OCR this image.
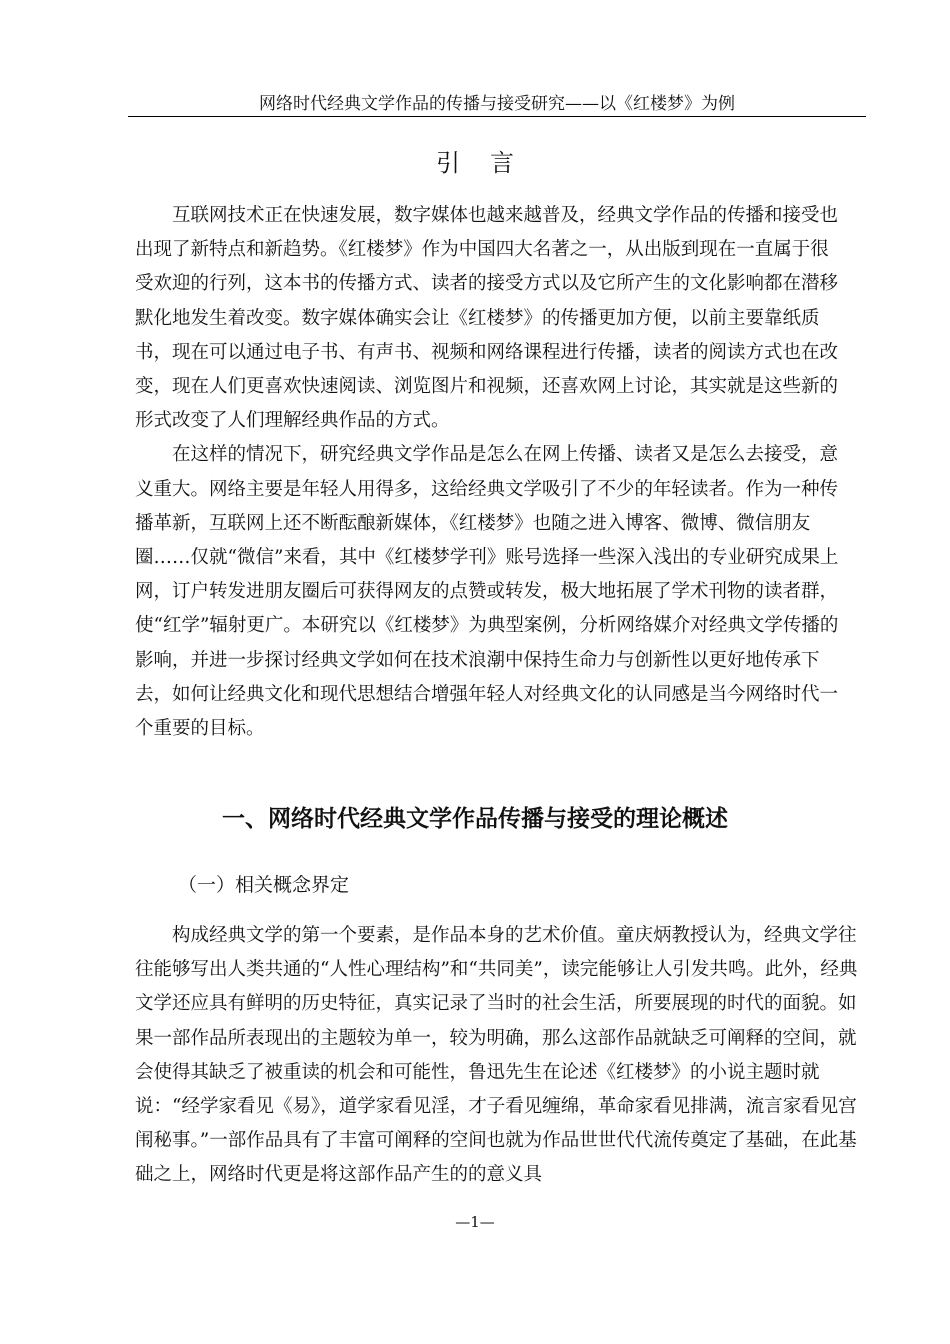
网络时代经典文学作品的传播与接受研究——以《红楼梦》为例
引言

互联网技术正在快速发展，数字媒体也越来越普及，经典文学作品的传播和接受也出现了新特点和新趋势。《红楼梦》作为中国四大名著之一，从出版到现在一直属于很受欢迎的行列，这本书的传播方式、读者的接受方式以及它所产生的文化影响都在潜移默化地发生着改变。数字媒体确实会让《红楼梦》的传播更加方便，以前主要靠纸质书，现在可以通过电子书、有声书、视频和网络课程进行传播，读者的阅读方式也在改变，现在人们更喜欢快速阅读、浏览图片和视频，还喜欢网上讨论，其实就是这些新的形式改变了人们理解经典作品的方式。

在这样的情况下，研究经典文学作品是怎么在网上传播、读者又是怎么去接受，意义重大。网络主要是年轻人用得多，这给经典文学吸引了不少的年轻读者。作为一种传播革新，互联网上还不断酝酿新媒体，《红楼梦》也随之进入博客、微博、微信朋友圈……仅就“微信”来看，其中《红楼梦学刊》账号选择一些深入浅出的专业研究成果上网，订户转发进朋友圈后可获得网友的点赞或转发，极大地拓展了学术刊物的读者群，使“红学”辐射更广。本研究以《红楼梦》为典型案例，分析网络媒介对经典文学传播的影响，并进一步探讨经典文学如何在技术浪潮中保持生命力与创新性以更好地传承下去，如何让经典文化和现代思想结合增强年轻人对经典文化的认同感是当今网络时代一个重要的目标。

一、网络时代经典文学作品传播与接受的理论概述
（一）相关概念界定

构成经典文学的第一个要素，是作品本身的艺术价值。童庆炳教授认为，经典文学往往能够写出人类共通的“人性心理结构”和“共同美”，读完能够让人引发共鸣。此外，经典文学还应具有鲜明的历史特征，真实记录了当时的社会生活，所要展现的时代的面貌。如果一部作品所表现出的主题较为单一，较为明确，那么这部作品就缺乏可阐释的空间，就会使得其缺乏了被重读的机会和可能性，鲁迅先生在论述《红楼梦》的小说主题时就说：“经学家看见《易》，道学家看见淫，才子看见缠绵，革命家看见排满，流言家看见宫闱秘事。”一部作品具有了丰富可阐释的空间也就为作品世世代代流传奠定了基础，在此基础之上，网络时代更是将这部作品产生的的意义具

—1—
